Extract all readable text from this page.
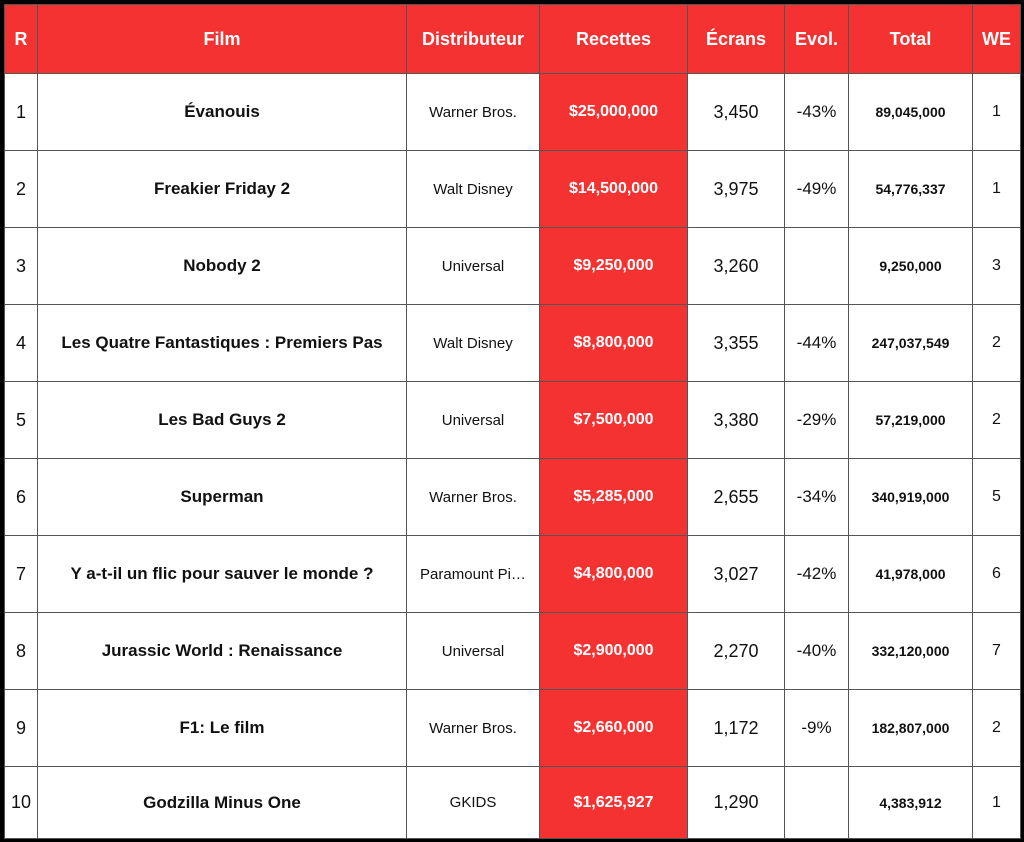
R	Film	Distributeur	Recettes	Écrans	Evol.	Total	WE
1	Évanouis	Warner Bros.	$25,000,000	3,450	-43%	89,045,000	1
2	Freakier Friday 2	Walt Disney	$14,500,000	3,975	-49%	54,776,337	1
3	Nobody 2	Universal	$9,250,000	3,260		9,250,000	3
4	Les Quatre Fantastiques : Premiers Pas	Walt Disney	$8,800,000	3,355	-44%	247,037,549	2
5	Les Bad Guys 2	Universal	$7,500,000	3,380	-29%	57,219,000	2
6	Superman	Warner Bros.	$5,285,000	2,655	-34%	340,919,000	5
7	Y a-t-il un flic pour sauver le monde ?	Paramount Pi…	$4,800,000	3,027	-42%	41,978,000	6
8	Jurassic World : Renaissance	Universal	$2,900,000	2,270	-40%	332,120,000	7
9	F1: Le film	Warner Bros.	$2,660,000	1,172	-9%	182,807,000	2
10	Godzilla Minus One	GKIDS	$1,625,927	1,290		4,383,912	1
